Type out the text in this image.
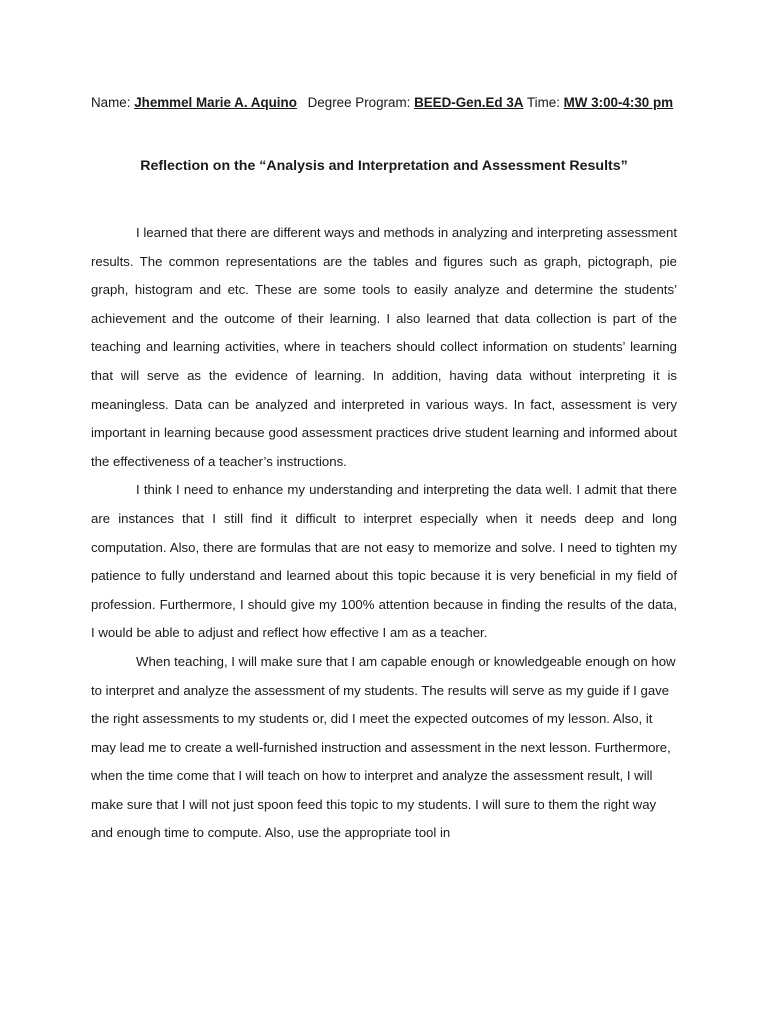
Name: Jhemmel Marie A. Aquino Degree Program: BEED-Gen.Ed 3A Time: MW 3:00-4:30 pm
Reflection on the “Analysis and Interpretation and Assessment Results”

I learned that there are different ways and methods in analyzing and interpreting assessment results. The common representations are the tables and figures such as graph, pictograph, pie graph, histogram and etc. These are some tools to easily analyze and determine the students’ achievement and the outcome of their learning. I also learned that data collection is part of the teaching and learning activities, where in teachers should collect information on students’ learning that will serve as the evidence of learning. In addition, having data without interpreting it is meaningless. Data can be analyzed and interpreted in various ways. In fact, assessment is very important in learning because good assessment practices drive student learning and informed about the effectiveness of a teacher’s instructions.

I think I need to enhance my understanding and interpreting the data well. I admit that there are instances that I still find it difficult to interpret especially when it needs deep and long computation. Also, there are formulas that are not easy to memorize and solve. I need to tighten my patience to fully understand and learned about this topic because it is very beneficial in my field of profession. Furthermore, I should give my 100% attention because in finding the results of the data, I would be able to adjust and reflect how effective I am as a teacher.

When teaching, I will make sure that I am capable enough or knowledgeable enough on how to interpret and analyze the assessment of my students. The results will serve as my guide if I gave the right assessments to my students or, did I meet the expected outcomes of my lesson. Also, it may lead me to create a well-furnished instruction and assessment in the next lesson. Furthermore, when the time come that I will teach on how to interpret and analyze the assessment result, I will make sure that I will not just spoon feed this topic to my students. I will sure to them the right way and enough time to compute. Also, use the appropriate tool in
